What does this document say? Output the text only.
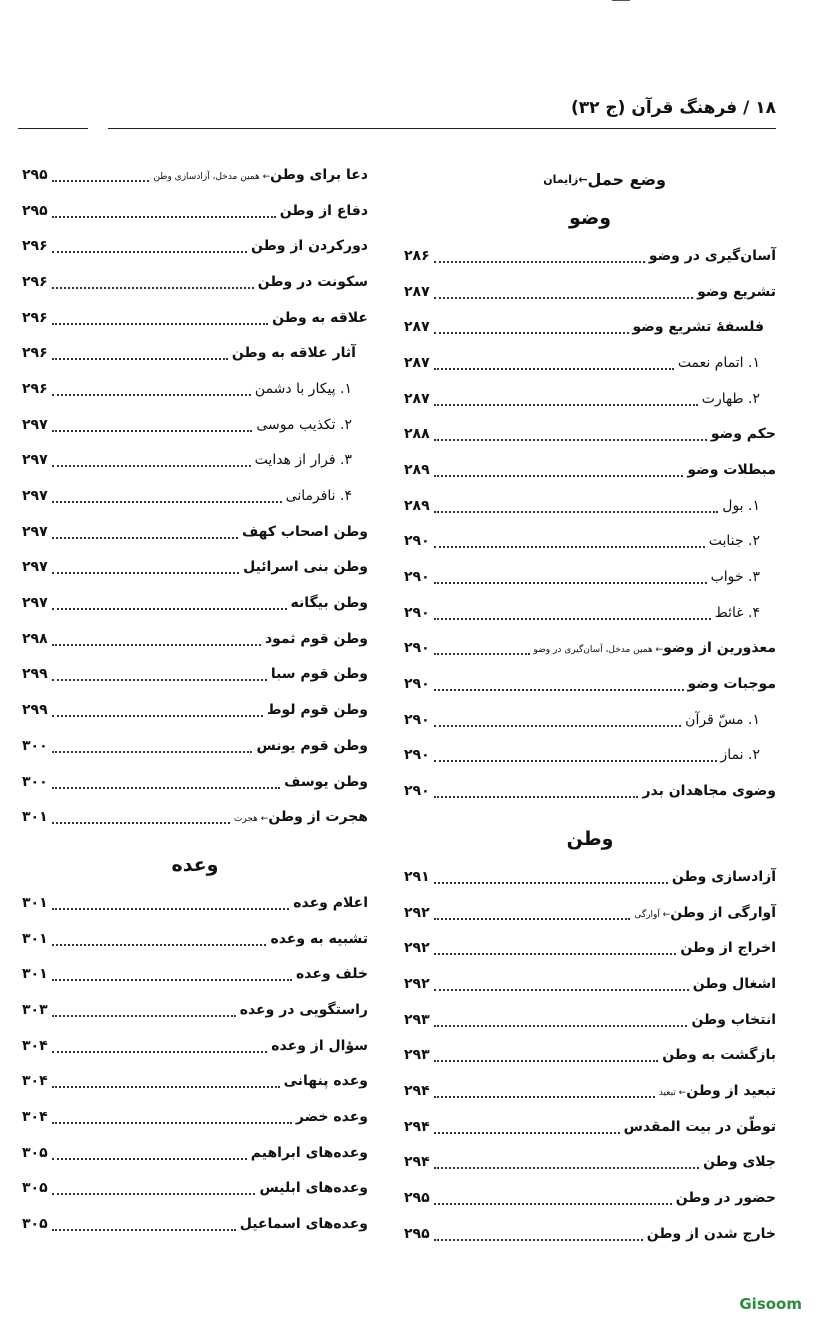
۱۸ / فرهنگ قرآن (ج ۳۲)
وضع حمل
←زایمان
وضو
آسان‌گیری در وضو
۲۸۶
تشریع وضو
۲۸۷
فلسفهٔ تشریع وضو
۲۸۷
۱. اتمام نعمت
۲۸۷
۲. طهارت
۲۸۷
حکم وضو
۲۸۸
مبطلات وضو
۲۸۹
۱. بول
۲۸۹
۲. جنابت
۲۹۰
۳. خواب
۲۹۰
۴. غائط
۲۹۰
معذورین از وضو← همین مدخل، آسان‌گیری در وضو
۲۹۰
موجبات وضو
۲۹۰
۱. مسّ قرآن
۲۹۰
۲. نماز
۲۹۰
وضوی مجاهدان بدر
۲۹۰
وطن
آزادسازی وطن
۲۹۱
آوارگی از وطن← آوارگی
۲۹۲
اخراج از وطن
۲۹۲
اشغال وطن
۲۹۲
انتخاب وطن
۲۹۳
بازگشت به وطن
۲۹۳
تبعید از وطن← تبعید
۲۹۴
توطّن در بیت المقدس
۲۹۴
جلای وطن
۲۹۴
حضور در وطن
۲۹۵
خارج شدن از وطن
۲۹۵
دعا برای وطن← همین مدخل، آزادسازی وطن
۲۹۵
دفاع از وطن
۲۹۵
دورکردن از وطن
۲۹۶
سکونت در وطن
۲۹۶
علاقه به وطن
۲۹۶
آثار علاقه به وطن
۲۹۶
۱. پیکار با دشمن
۲۹۶
۲. تکذیب موسی
۲۹۷
۳. فرار از هدایت
۲۹۷
۴. نافرمانی
۲۹۷
وطن اصحاب کهف
۲۹۷
وطن بنی اسرائیل
۲۹۷
وطن بیگانه
۲۹۷
وطن قوم ثمود
۲۹۸
وطن قوم سبا
۲۹۹
وطن قوم لوط
۲۹۹
وطن قوم یونس
۳۰۰
وطن یوسف
۳۰۰
هجرت از وطن← هجرت
۳۰۱
وعده
اعلام وعده
۳۰۱
تشبیه به وعده
۳۰۱
خلف وعده
۳۰۱
راستگویی در وعده
۳۰۳
سؤال از وعده
۳۰۴
وعده پنهانی
۳۰۴
وعده خضر
۳۰۴
وعده‌های ابراهیم
۳۰۵
وعده‌های ابلیس
۳۰۵
وعده‌های اسماعیل
۳۰۵
Gisoom
